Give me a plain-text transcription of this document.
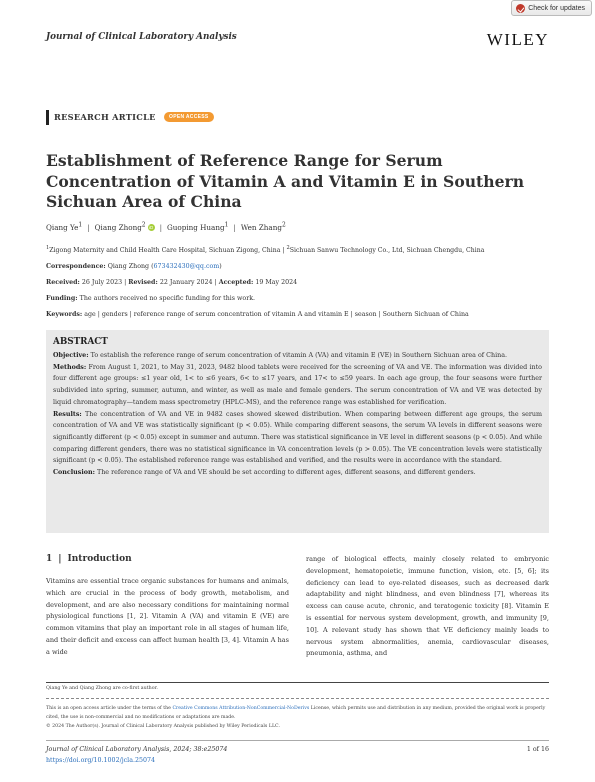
Check for updates
Journal of Clinical Laboratory Analysis	WILEY
RESEARCH ARTICLE	OPEN ACCESS
Establishment of Reference Range for Serum Concentration of Vitamin A and Vitamin E in Southern Sichuan Area of China
Qiang Ye$^1$ | Qiang Zhong$^2$ iD | Guoping Huang$^1$ | Wen Zhang$^2$
$^1$Zigong Maternity and Child Health Care Hospital, Sichuan Zigong, China | $^2$Sichuan Sanwu Technology Co., Ltd, Sichuan Chengdu, China
Correspondence: Qiang Zhong (673432430@qq.com)
Received: 26 July 2023 | Revised: 22 January 2024 | Accepted: 19 May 2024
Funding: The authors received no specific funding for this work.
Keywords: age | genders | reference range of serum concentration of vitamin A and vitamin E | season | Southern Sichuan of China
ABSTRACT

Objective: To establish the reference range of serum concentration of vitamin A (VA) and vitamin E (VE) in Southern Sichuan area of China.

Methods: From August 1, 2021, to May 31, 2023, 9482 blood tablets were received for the screening of VA and VE. The information was divided into four different age groups: ≤1 year old, 1< to ≤6 years, 6< to ≤17 years, and 17< to ≤59 years. In each age group, the four seasons were further subdivided into spring, summer, autumn, and winter, as well as male and female genders. The serum concentration of VA and VE was detected by liquid chromatography—tandem mass spectrometry (HPLC-MS), and the reference range was established for verification.

Results: The concentration of VA and VE in 9482 cases showed skewed distribution. When comparing between different age groups, the serum concentration of VA and VE was statistically significant (p < 0.05). While comparing different seasons, the serum VA levels in different seasons were significantly different (p < 0.05) except in summer and autumn. There was statistical significance in VE level in different seasons (p < 0.05). And while comparing different genders, there was no statistical significance in VA concentration levels (p > 0.05). The VE concentration levels were statistically significant (p < 0.05). The established reference range was established and verified, and the results were in accordance with the standard.

Conclusion: The reference range of VA and VE should be set according to different ages, different seasons, and different genders.

1 | Introduction
Vitamins are essential trace organic substances for humans and animals, which are crucial in the process of body growth, metabolism, and development, and are also necessary conditions for maintaining normal physiological functions [1, 2]. Vitamin A (VA) and vitamin E (VE) are common vitamins that play an important role in all stages of human life, and their deficit and excess can affect human health [3, 4]. Vitamin A has a wide
range of biological effects, mainly closely related to embryonic development, hematopoietic, immune function, vision, etc. [5, 6]; its deficiency can lead to eye-related diseases, such as decreased dark adaptability and night blindness, and even blindness [7], whereas its excess can cause acute, chronic, and teratogenic toxicity [8]. Vitamin E is essential for nervous system development, growth, and immunity [9, 10]. A relevant study has shown that VE deficiency mainly leads to nervous system abnormalities, anemia, cardiovascular diseases, pneumonia, asthma, and
Qiang Ye and Qiang Zhong are co-first author.
This is an open access article under the terms of the Creative Commons Attribution-NonCommercial-NoDerivs License, which permits use and distribution in any medium, provided the original work is properly cited, the use is non-commercial and no modifications or adaptations are made.
© 2024 The Author(s). Journal of Clinical Laboratory Analysis published by Wiley Periodicals LLC.
Journal of Clinical Laboratory Analysis, 2024; 38:e25074
https://doi.org/10.1002/jcla.25074
1 of 16
